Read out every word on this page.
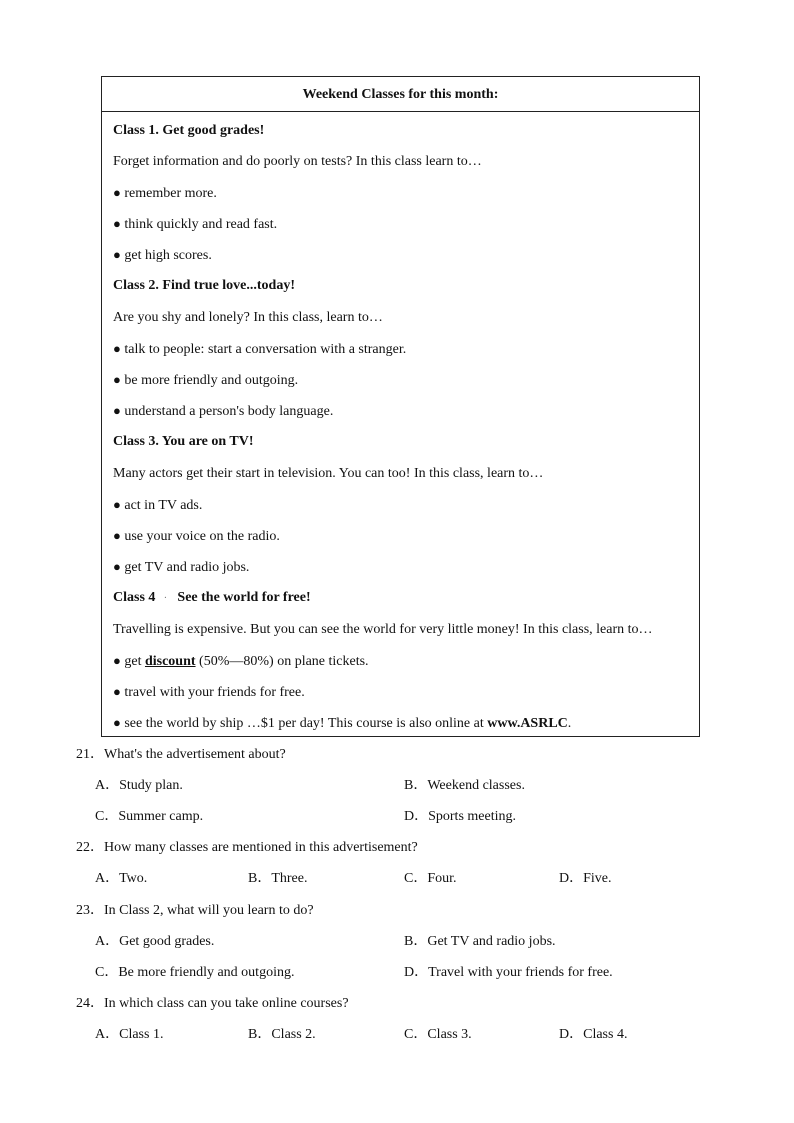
Weekend Classes for this month:
Class 1. Get good grades!
Forget information and do poorly on tests? In this class learn to…
● remember more.
● think quickly and read fast.
● get high scores.
Class 2. Find true love...today!
Are you shy and lonely? In this class, learn to…
● talk to people: start a conversation with a stranger.
● be more friendly and outgoing.
● understand a person's body language.
Class 3. You are on TV!
Many actors get their start in television. You can too! In this class, learn to…
● act in TV ads.
● use your voice on the radio.
● get TV and radio jobs.
Class 4 · See the world for free!
Travelling is expensive. But you can see the world for very little money! In this class, learn to…
● get discount (50%—80%) on plane tickets.
● travel with your friends for free.
● see the world by ship …$1 per day! This course is also online at www.ASRLC.
21．What's the advertisement about?
A．Study plan.	B．Weekend classes.
C．Summer camp.	D．Sports meeting.
22．How many classes are mentioned in this advertisement?
A．Two.	B．Three.	C．Four.	D．Five.
23．In Class 2, what will you learn to do?
A．Get good grades.	B．Get TV and radio jobs.
C．Be more friendly and outgoing.	D．Travel with your friends for free.
24．In which class can you take online courses?
A．Class 1.	B．Class 2.	C．Class 3.	D．Class 4.
